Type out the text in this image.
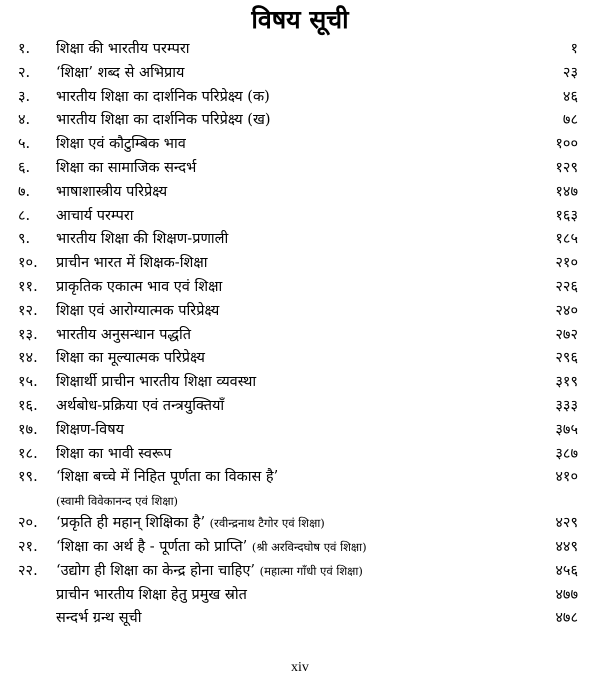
विषय सूची
१. शिक्षा की भारतीय परम्परा	१
२. ‘शिक्षा’ शब्द से अभिप्राय	२३
३. भारतीय शिक्षा का दार्शनिक परिप्रेक्ष्य (क)	४६
४. भारतीय शिक्षा का दार्शनिक परिप्रेक्ष्य (ख)	७८
५. शिक्षा एवं कौटुम्बिक भाव	१००
६. शिक्षा का सामाजिक सन्दर्भ	१२९
७. भाषाशास्त्रीय परिप्रेक्ष्य	१४७
८. आचार्य परम्परा	१६३
९. भारतीय शिक्षा की शिक्षण-प्रणाली	१८५
१०. प्राचीन भारत में शिक्षक-शिक्षा	२१०
११. प्राकृतिक एकात्म भाव एवं शिक्षा	२२६
१२. शिक्षा एवं आरोग्यात्मक परिप्रेक्ष्य	२४०
१३. भारतीय अनुसन्धान पद्धति	२७२
१४. शिक्षा का मूल्यात्मक परिप्रेक्ष्य	२९६
१५. शिक्षार्थी प्राचीन भारतीय शिक्षा व्यवस्था	३१९
१६. अर्थबोध-प्रक्रिया एवं तन्त्रयुक्तियाँ	३३३
१७. शिक्षण-विषय	३७५
१८. शिक्षा का भावी स्वरूप	३८७
१९. ‘शिक्षा बच्चे में निहित पूर्णता का विकास है’	४१०
(स्वामी विवेकानन्द एवं शिक्षा)
२०. ‘प्रकृति ही महान् शिक्षिका है’ (रवीन्द्रनाथ टैगोर एवं शिक्षा)	४२९
२१. ‘शिक्षा का अर्थ है - पूर्णता को प्राप्ति’ (श्री अरविन्दघोष एवं शिक्षा)	४४९
२२. ‘उद्योग ही शिक्षा का केन्द्र होना चाहिए’ (महात्मा गाँधी एवं शिक्षा)	४५६
प्राचीन भारतीय शिक्षा हेतु प्रमुख स्रोत	४७७
सन्दर्भ ग्रन्थ सूची	४७८
xiv
